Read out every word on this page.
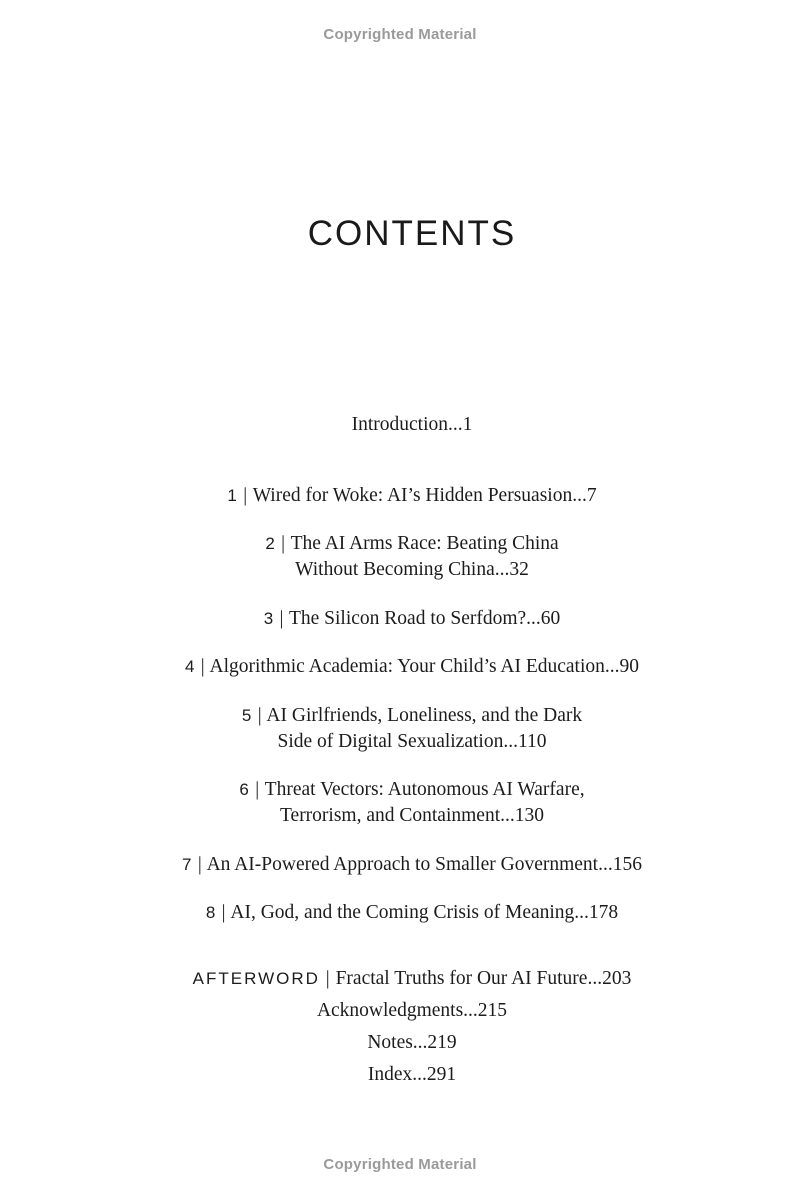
Copyrighted Material
CONTENTS
Introduction...1
1 | Wired for Woke: AI’s Hidden Persuasion...7
2 | The AI Arms Race: Beating China
Without Becoming China...32
3 | The Silicon Road to Serfdom?...60
4 | Algorithmic Academia: Your Child’s AI Education...90
5 | AI Girlfriends, Loneliness, and the Dark
Side of Digital Sexualization...110
6 | Threat Vectors: Autonomous AI Warfare,
Terrorism, and Containment...130
7 | An AI-Powered Approach to Smaller Government...156
8 | AI, God, and the Coming Crisis of Meaning...178
AFTERWORD | Fractal Truths for Our AI Future...203
Acknowledgments...215
Notes...219
Index...291
Copyrighted Material
